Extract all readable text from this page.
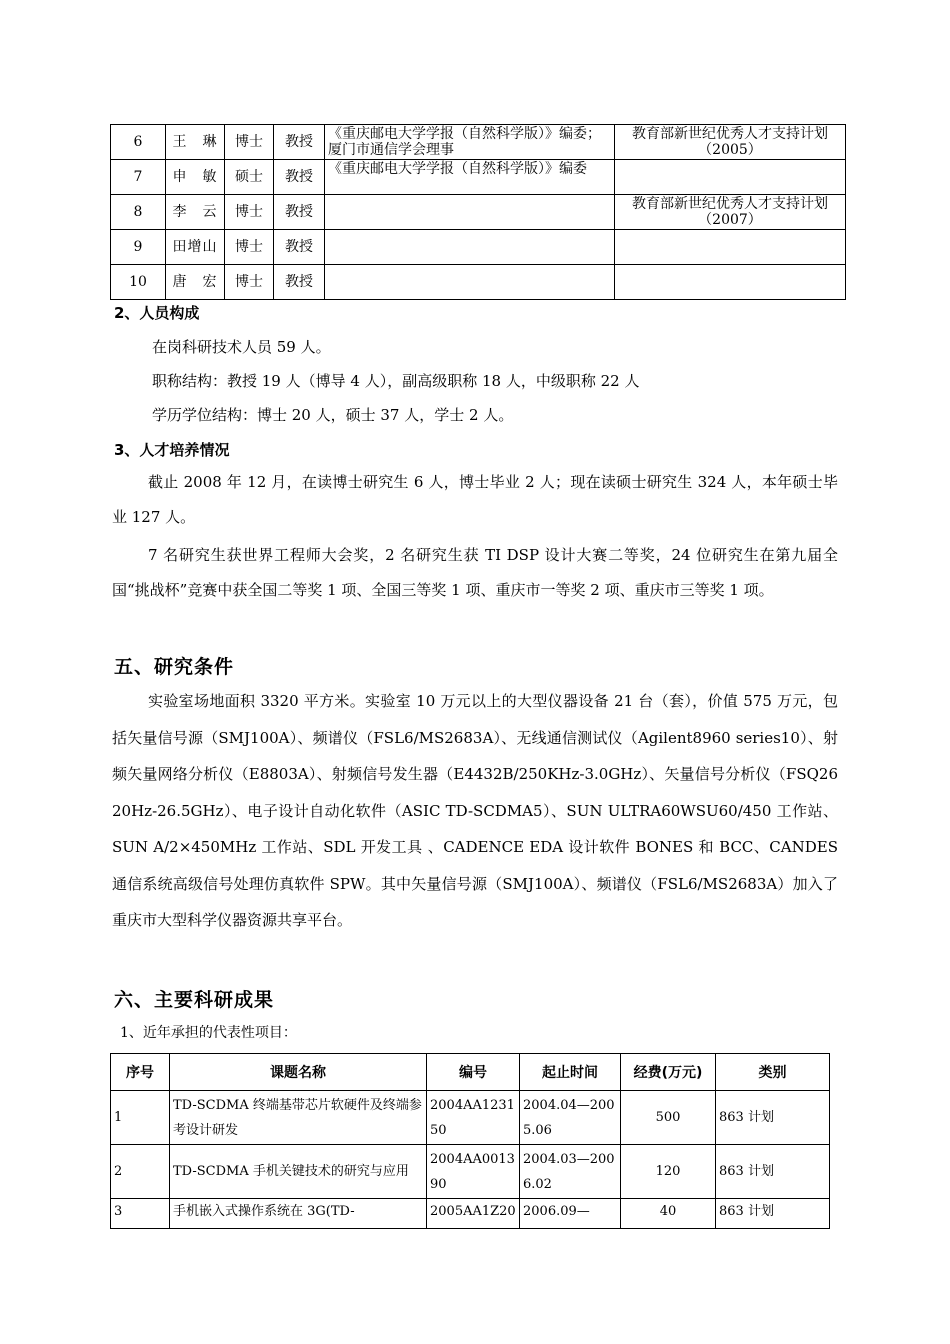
6	王　琳	博士	教授	《重庆邮电大学学报（自然科学版）》编委；厦门市通信学会理事	教育部新世纪优秀人才支持计划（2005）
7	申　敏	硕士	教授	《重庆邮电大学学报（自然科学版）》编委	
8	李　云	博士	教授		教育部新世纪优秀人才支持计划（2007）
9	田增山	博士	教授		
10	唐　宏	博士	教授		
2、人员构成
在岗科研技术人员 59 人。
职称结构：教授 19 人（博导 4 人），副高级职称 18 人，中级职称 22 人
学历学位结构：博士 20 人，硕士 37 人，学士 2 人。
3、人才培养情况
截止 2008 年 12 月，在读博士研究生 6 人，博士毕业 2 人；现在读硕士研究生 324 人，本年硕士毕业 127 人。
7 名研究生获世界工程师大会奖，2 名研究生获 TI DSP 设计大赛二等奖，24 位研究生在第九届全国“挑战杯”竞赛中获全国二等奖 1 项、全国三等奖 1 项、重庆市一等奖 2 项、重庆市三等奖 1 项。
五、研究条件
实验室场地面积 3320 平方米。实验室 10 万元以上的大型仪器设备 21 台（套），价值 575 万元，包括矢量信号源（SMJ100A）、频谱仪（FSL6/MS2683A）、无线通信测试仪（Agilent8960 series10）、射频矢量网络分析仪（E8803A）、射频信号发生器（E4432B/250KHz-3.0GHz）、矢量信号分析仪（FSQ26 20Hz-26.5GHz）、电子设计自动化软件（ASIC TD-SCDMA5）、SUN ULTRA60WSU60/450 工作站、SUN A/2×450MHz 工作站、SDL 开发工具 、CADENCE EDA 设计软件 BONES 和 BCC、CANDES 通信系统高级信号处理仿真软件 SPW。其中矢量信号源（SMJ100A）、频谱仪（FSL6/MS2683A）加入了重庆市大型科学仪器资源共享平台。
六、主要科研成果
1、近年承担的代表性项目：
序号	课题名称	编号	起止时间	经费(万元)	类别
1	TD-SCDMA 终端基带芯片软硬件及终端参考设计研发	2004AA123150	2004.04—2005.06	500	863 计划
2	TD-SCDMA 手机关键技术的研究与应用	2004AA001390	2004.03—2006.02	120	863 计划
3	手机嵌入式操作系统在 3G(TD-	2005AA1Z20	2006.09—	40	863 计划
